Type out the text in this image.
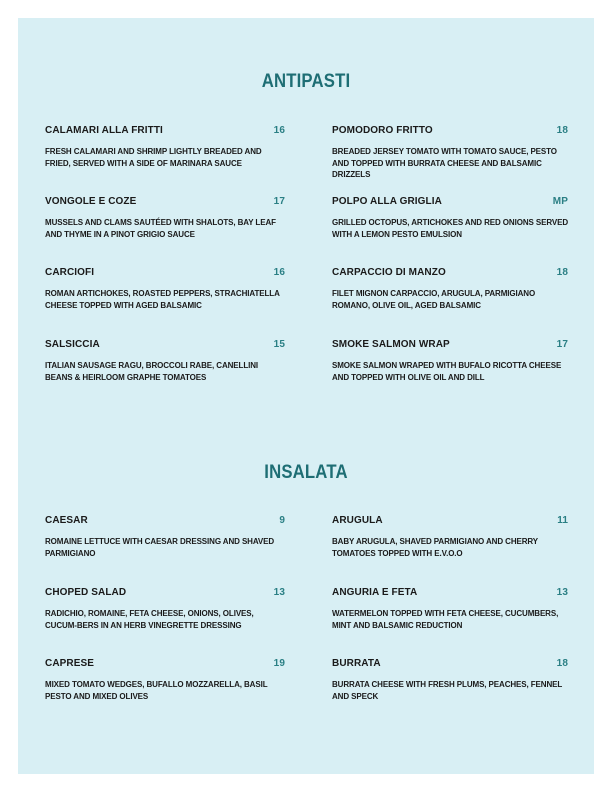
ANTIPASTI
CALAMARI ALLA FRITTI	16
FRESH CALAMARI AND SHRIMP LIGHTLY BREADED AND FRIED, SERVED WITH A SIDE OF MARINARA SAUCE
POMODORO FRITTO	18
BREADED JERSEY TOMATO WITH TOMATO SAUCE, PESTO AND TOPPED WITH BURRATA CHEESE AND BALSAMIC DRIZZELS
VONGOLE E COZE	17
MUSSELS AND CLAMS SAUTÉED WITH SHALOTS, BAY LEAF AND THYME IN A PINOT GRIGIO SAUCE
POLPO ALLA GRIGLIA	MP
GRILLED OCTOPUS, ARTICHOKES AND RED ONIONS SERVED WITH A LEMON PESTO EMULSION
CARCIOFI	16
ROMAN ARTICHOKES, ROASTED PEPPERS, STRACHIATELLA CHEESE TOPPED WITH AGED BALSAMIC
CARPACCIO DI MANZO	18
FILET MIGNON CARPACCIO, ARUGULA, PARMIGIANO ROMANO, OLIVE OIL, AGED BALSAMIC
SALSICCIA	15
ITALIAN SAUSAGE RAGU, BROCCOLI RABE, CANELLINI BEANS & HEIRLOOM GRAPHE TOMATOES
SMOKE SALMON WRAP	17
SMOKE SALMON WRAPED WITH BUFALO RICOTTA CHEESE AND TOPPED WITH OLIVE OIL AND DILL
INSALATA
CAESAR	9
ROMAINE LETTUCE WITH CAESAR DRESSING AND SHAVED PARMIGIANO
ARUGULA	11
BABY ARUGULA, SHAVED PARMIGIANO AND CHERRY TOMATOES TOPPED WITH E.V.O.O
CHOPED SALAD	13
RADICHIO, ROMAINE, FETA CHEESE, ONIONS, OLIVES, CUCUM-BERS IN AN HERB VINEGRETTE DRESSING
ANGURIA E FETA	13
WATERMELON TOPPED WITH FETA CHEESE, CUCUMBERS, MINT AND BALSAMIC REDUCTION
CAPRESE	19
MIXED TOMATO WEDGES, BUFALLO MOZZARELLA, BASIL PESTO AND MIXED OLIVES
BURRATA	18
BURRATA CHEESE WITH FRESH PLUMS, PEACHES, FENNEL AND SPECK
